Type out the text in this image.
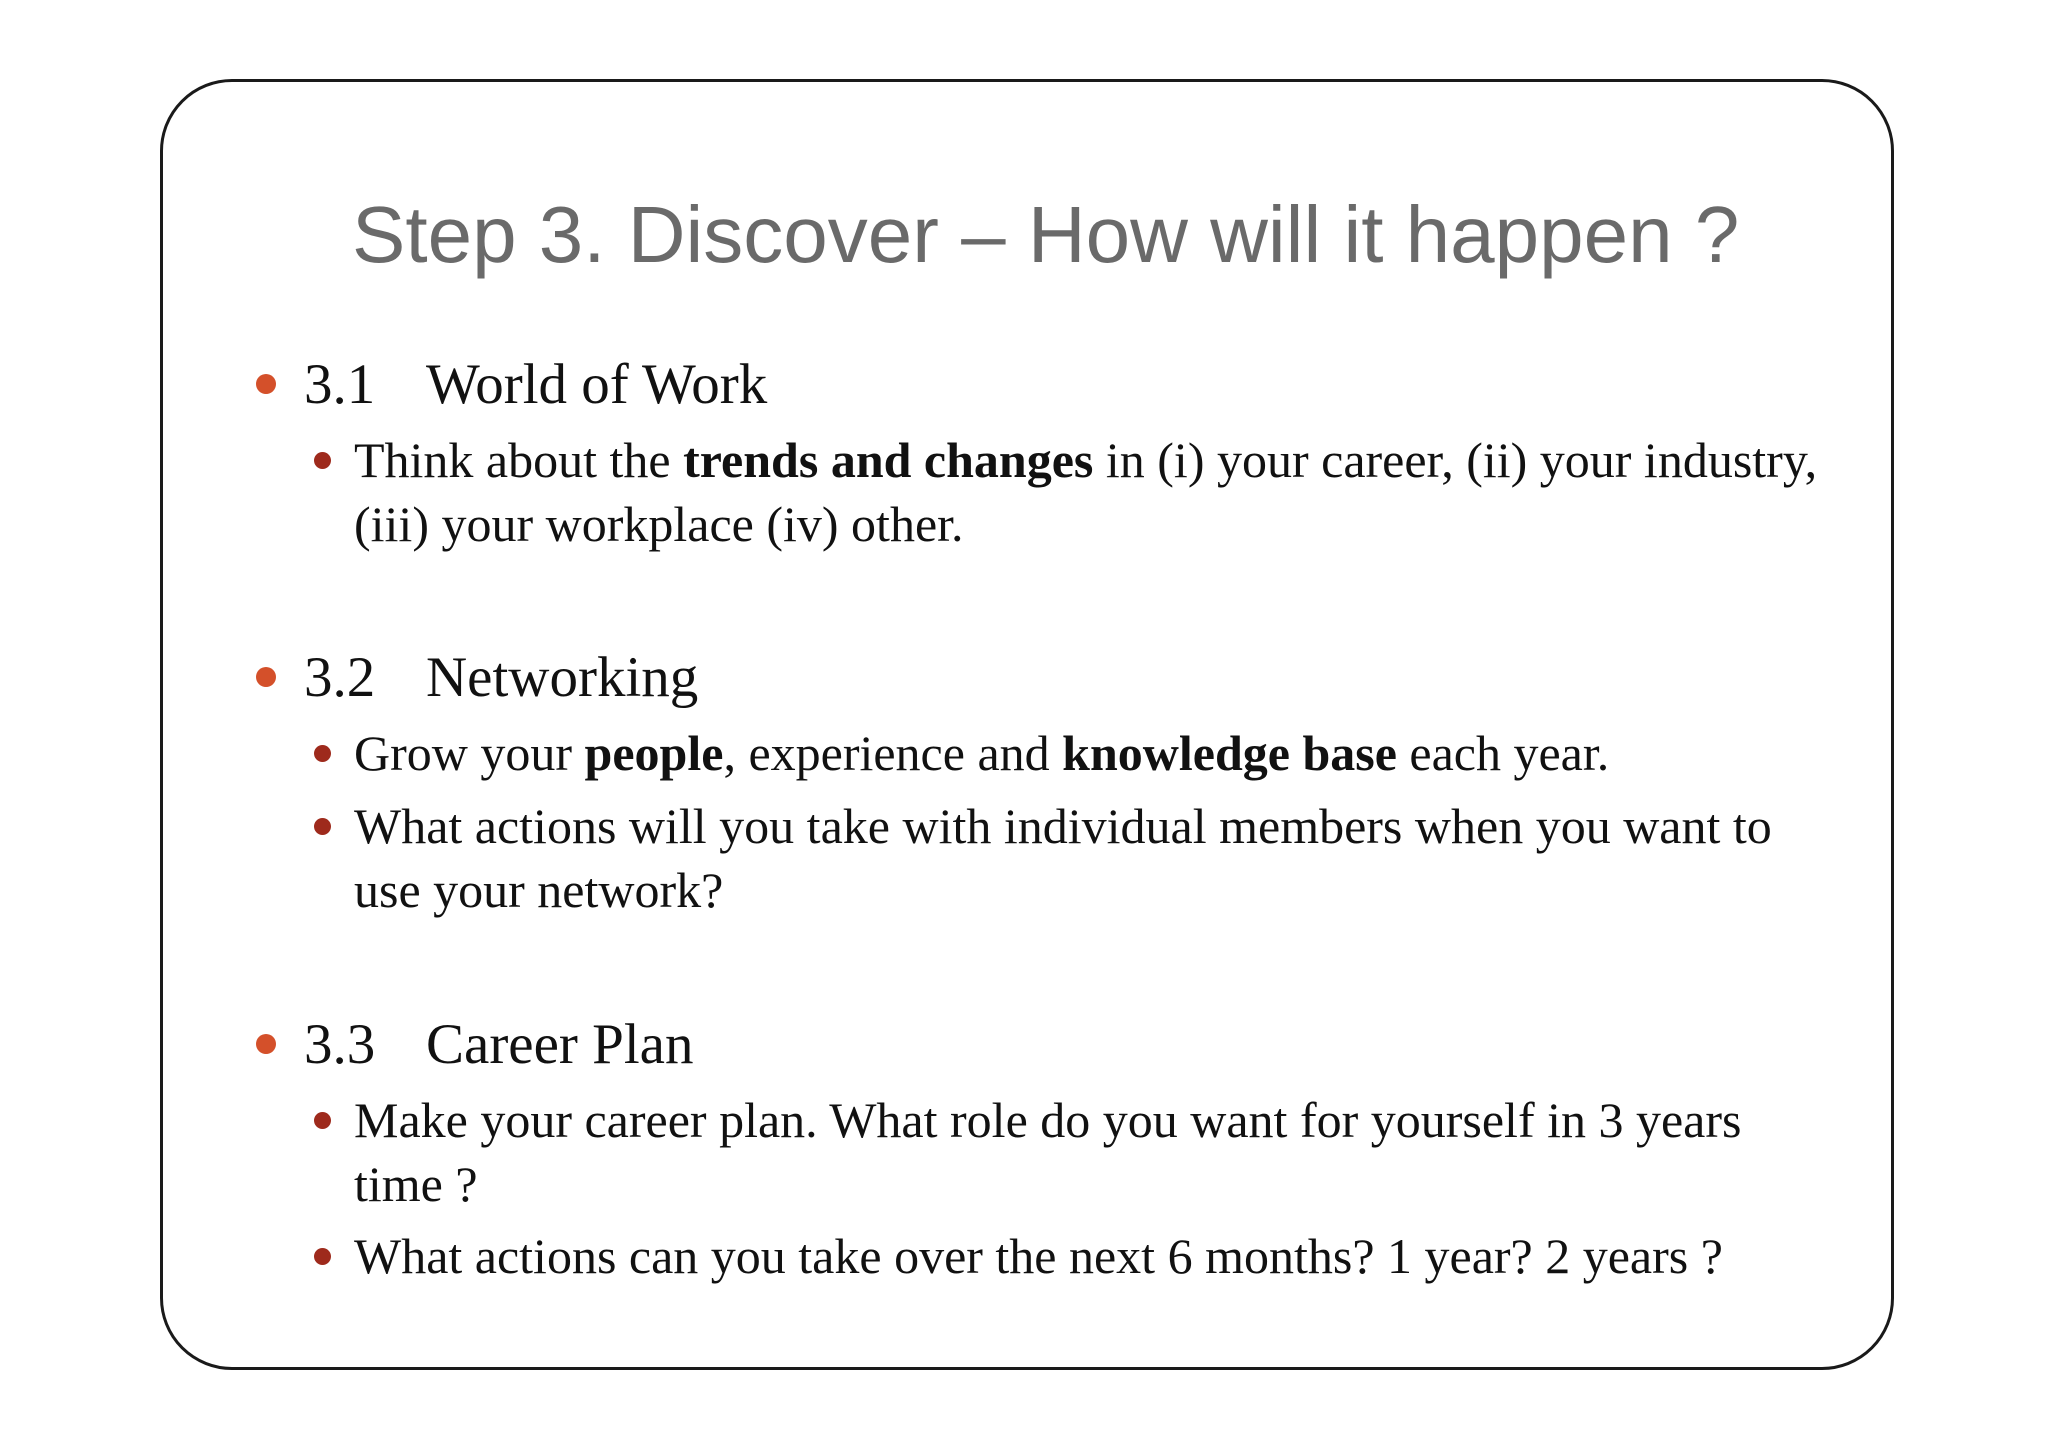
Step 3. Discover – How will it happen ?
3.1 World of Work
Think about the trends and changes in (i) your career, (ii) your industry, (iii) your workplace (iv) other.
3.2 Networking
Grow your people, experience and knowledge base each year.
What actions will you take with individual members when you want to use your network?
3.3 Career Plan
Make your career plan. What role do you want for yourself in 3 years time ?
What actions can you take over the next 6 months? 1 year? 2 years ?
